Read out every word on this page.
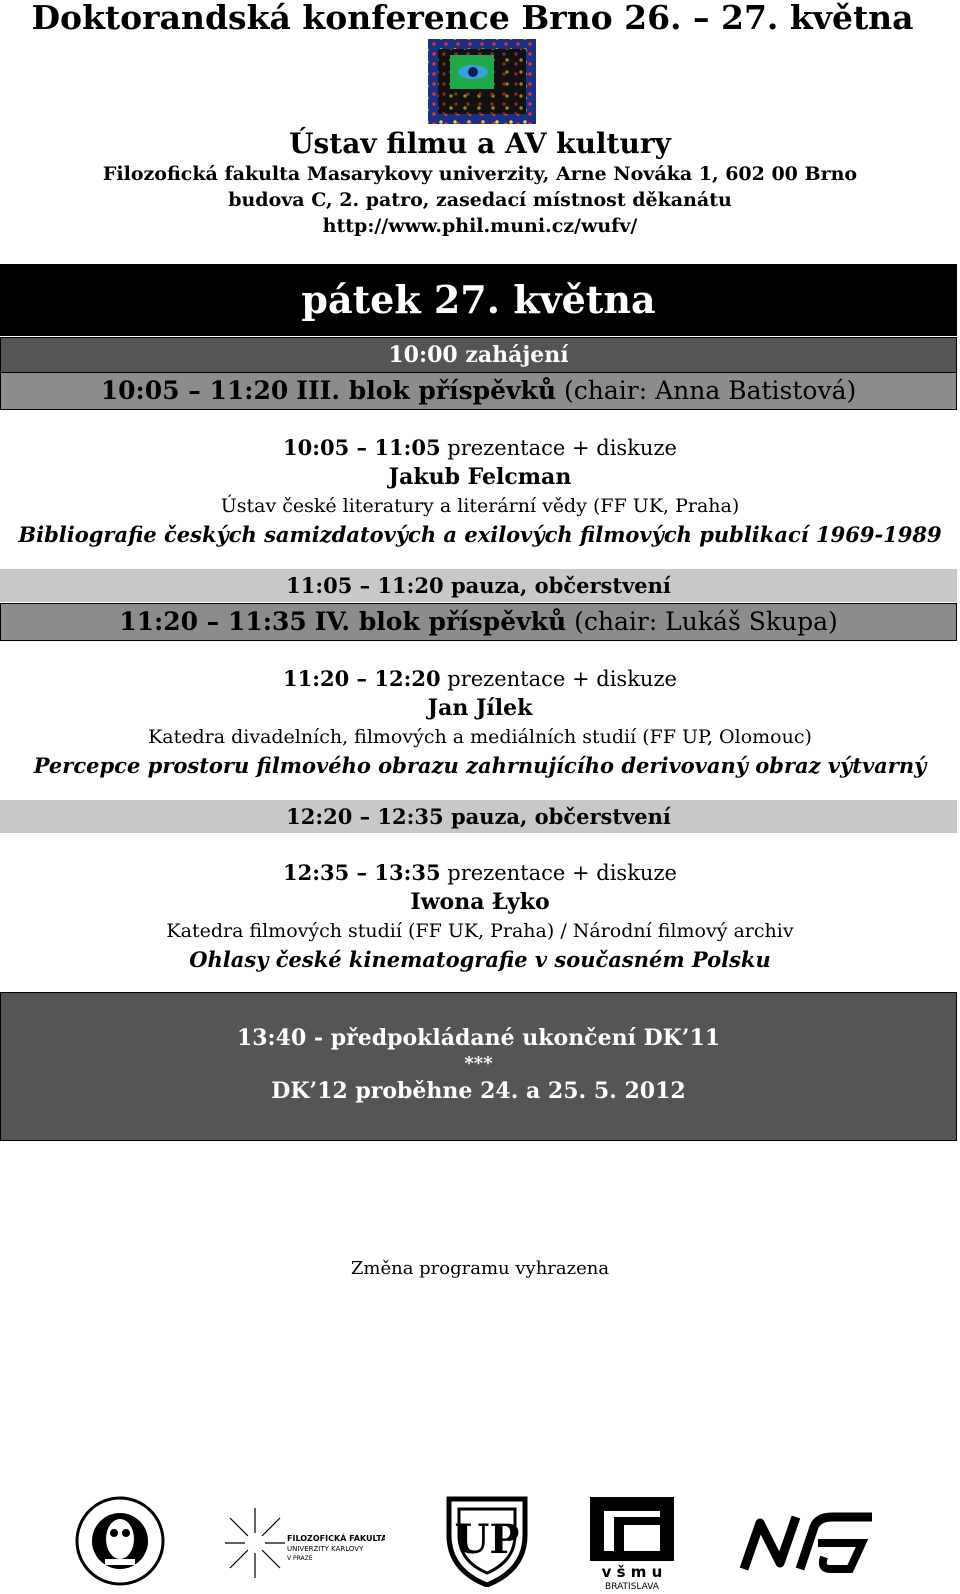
Doktorandská konference Brno 26. – 27. května
Ústav filmu a AV kultury
Filozofická fakulta Masarykovy univerzity, Arne Nováka 1, 602 00 Brno
budova C, 2. patro, zasedací místnost děkanátu
http://www.phil.muni.cz/wufv/
pátek 27. května
10:00 zahájení
10:05 – 11:20 III. blok příspěvků (chair: Anna Batistová)
10:05 – 11:05 prezentace + diskuze
Jakub Felcman
Ústav české literatury a literární vědy (FF UK, Praha)
Bibliografie českých samizdatových a exilových filmových publikací 1969-1989
11:05 – 11:20 pauza, občerstvení
11:20 – 11:35 IV. blok příspěvků (chair: Lukáš Skupa)
11:20 – 12:20 prezentace + diskuze
Jan Jílek
Katedra divadelních, filmových a mediálních studií (FF UP, Olomouc)
Percepce prostoru filmového obrazu zahrnujícího derivovaný obraz výtvarný
12:20 – 12:35 pauza, občerstvení
12:35 – 13:35 prezentace + diskuze
Iwona Łyko
Katedra filmových studií (FF UK, Praha) / Národní filmový archiv
Ohlasy české kinematografie v současném Polsku
13:40 - předpokládané ukončení DK’11
***
DK’12 proběhne 24. a 25. 5. 2012
Změna programu vyhrazena
FILOZOFICKÁ FAKULTA
UNIVERZITY KARLOVY
V PRAZE	UP
v š m u
BRATISLAVA
